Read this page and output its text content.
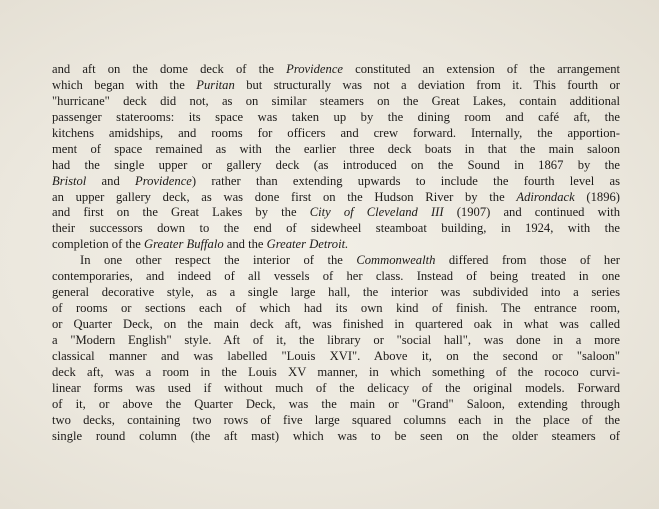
and aft on the dome deck of the Providence constituted an extension of the arrangement
which began with the Puritan but structurally was not a deviation from it. This fourth or
"hurricane" deck did not, as on similar steamers on the Great Lakes, contain additional
passenger staterooms: its space was taken up by the dining room and café aft, the
kitchens amidships, and rooms for officers and crew forward. Internally, the apportion-
ment of space remained as with the earlier three deck boats in that the main saloon
had the single upper or gallery deck (as introduced on the Sound in 1867 by the
Bristol and Providence) rather than extending upwards to include the fourth level as
an upper gallery deck, as was done first on the Hudson River by the Adirondack (1896)
and first on the Great Lakes by the City of Cleveland III (1907) and continued with
their successors down to the end of sidewheel steamboat building, in 1924, with the
completion of the Greater Buffalo and the Greater Detroit.
In one other respect the interior of the Commonwealth differed from those of her
contemporaries, and indeed of all vessels of her class. Instead of being treated in one
general decorative style, as a single large hall, the interior was subdivided into a series
of rooms or sections each of which had its own kind of finish. The entrance room,
or Quarter Deck, on the main deck aft, was finished in quartered oak in what was called
a "Modern English" style. Aft of it, the library or "social hall", was done in a more
classical manner and was labelled "Louis XVI". Above it, on the second or "saloon"
deck aft, was a room in the Louis XV manner, in which something of the rococo curvi-
linear forms was used if without much of the delicacy of the original models. Forward
of it, or above the Quarter Deck, was the main or "Grand" Saloon, extending through
two decks, containing two rows of five large squared columns each in the place of the
single round column (the aft mast) which was to be seen on the older steamers of
